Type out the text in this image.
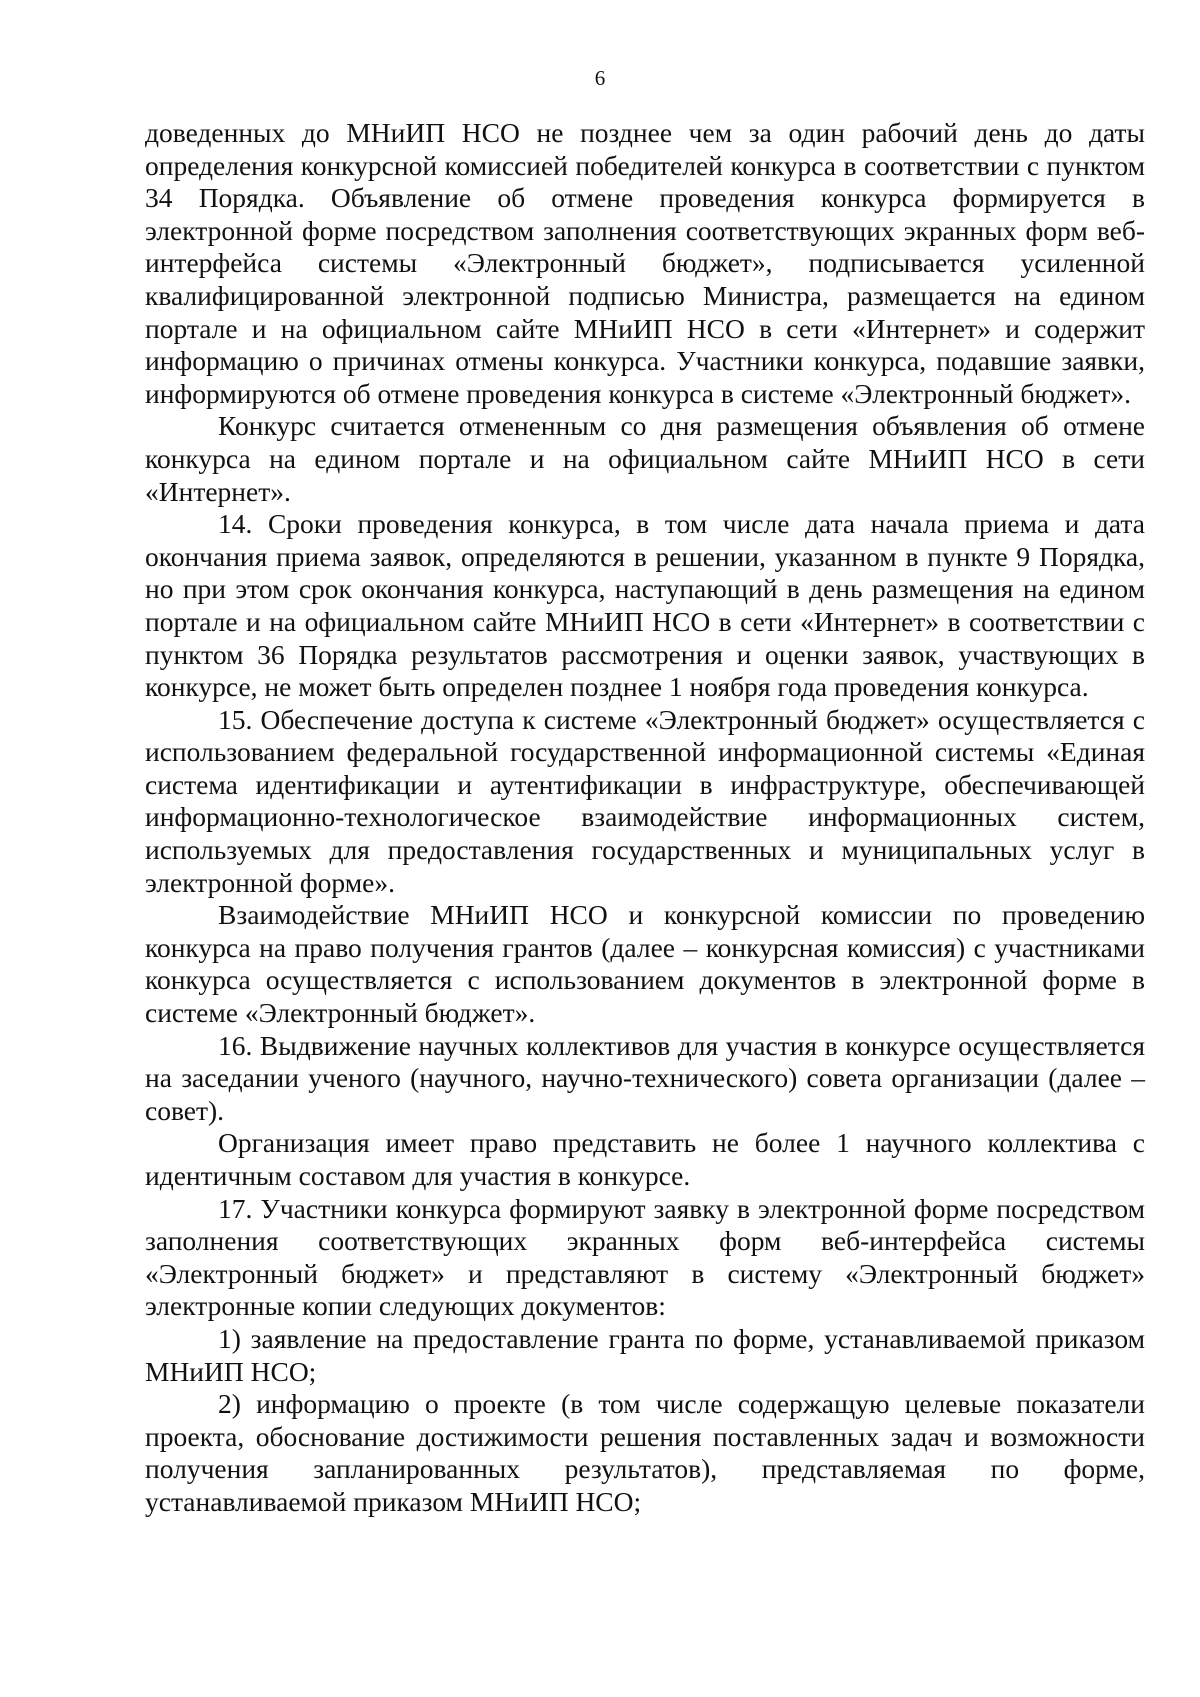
6

доведенных до МНиИП НСО не позднее чем за один рабочий день до даты определения конкурсной комиссией победителей конкурса в соответствии с пунктом 34 Порядка. Объявление об отмене проведения конкурса формируется в электронной форме посредством заполнения соответствующих экранных форм веб-интерфейса системы «Электронный бюджет», подписывается усиленной квалифицированной электронной подписью Министра, размещается на едином портале и на официальном сайте МНиИП НСО в сети «Интернет» и содержит информацию о причинах отмены конкурса. Участники конкурса, подавшие заявки, информируются об отмене проведения конкурса в системе «Электронный бюджет».

Конкурс считается отмененным со дня размещения объявления об отмене конкурса на едином портале и на официальном сайте МНиИП НСО в сети «Интернет».

14. Сроки проведения конкурса, в том числе дата начала приема и дата окончания приема заявок, определяются в решении, указанном в пункте 9 Порядка, но при этом срок окончания конкурса, наступающий в день размещения на едином портале и на официальном сайте МНиИП НСО в сети «Интернет» в соответствии с пунктом 36 Порядка результатов рассмотрения и оценки заявок, участвующих в конкурсе, не может быть определен позднее 1 ноября года проведения конкурса.

15. Обеспечение доступа к системе «Электронный бюджет» осуществляется с использованием федеральной государственной информационной системы «Единая система идентификации и аутентификации в инфраструктуре, обеспечивающей информационно-технологическое взаимодействие информационных систем, используемых для предоставления государственных и муниципальных услуг в электронной форме».

Взаимодействие МНиИП НСО и конкурсной комиссии по проведению конкурса на право получения грантов (далее – конкурсная комиссия) с участниками конкурса осуществляется с использованием документов в электронной форме в системе «Электронный бюджет».

16. Выдвижение научных коллективов для участия в конкурсе осуществляется на заседании ученого (научного, научно-технического) совета организации (далее – совет).

Организация имеет право представить не более 1 научного коллектива с идентичным составом для участия в конкурсе.

17. Участники конкурса формируют заявку в электронной форме посредством заполнения соответствующих экранных форм веб-интерфейса системы «Электронный бюджет» и представляют в систему «Электронный бюджет» электронные копии следующих документов:

1) заявление на предоставление гранта по форме, устанавливаемой приказом МНиИП НСО;

2) информацию о проекте (в том числе содержащую целевые показатели проекта, обоснование достижимости решения поставленных задач и возможности получения запланированных результатов), представляемая по форме, устанавливаемой приказом МНиИП НСО;
